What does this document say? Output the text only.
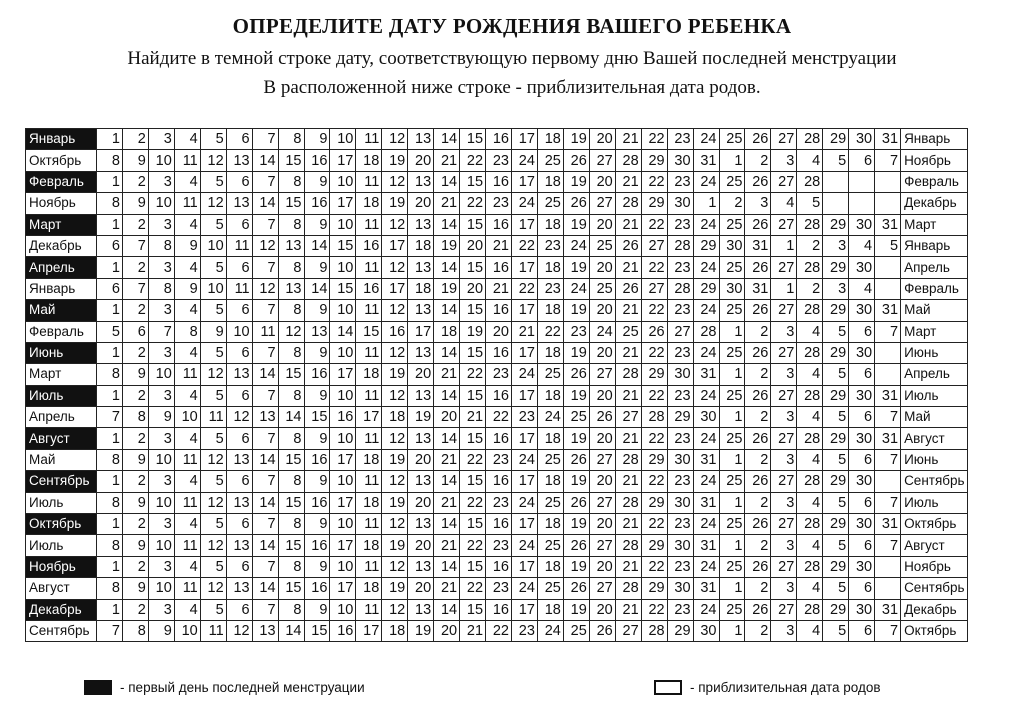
ОПРЕДЕЛИТЕ ДАТУ РОЖДЕНИЯ ВАШЕГО РЕБЕНКА
Найдите в темной строке дату, соответствующую первому дню Вашей последней менструации
В расположенной ниже строке - приблизительная дата родов.
Январь	1	2	3	4	5	6	7	8	9	10	11	12	13	14	15	16	17	18	19	20	21	22	23	24	25	26	27	28	29	30	31	Январь
Октябрь	8	9	10	11	12	13	14	15	16	17	18	19	20	21	22	23	24	25	26	27	28	29	30	31	1	2	3	4	5	6	7	Ноябрь
Февраль	1	2	3	4	5	6	7	8	9	10	11	12	13	14	15	16	17	18	19	20	21	22	23	24	25	26	27	28				Февраль
Ноябрь	8	9	10	11	12	13	14	15	16	17	18	19	20	21	22	23	24	25	26	27	28	29	30	1	2	3	4	5				Декабрь
Март	1	2	3	4	5	6	7	8	9	10	11	12	13	14	15	16	17	18	19	20	21	22	23	24	25	26	27	28	29	30	31	Март
Декабрь	6	7	8	9	10	11	12	13	14	15	16	17	18	19	20	21	22	23	24	25	26	27	28	29	30	31	1	2	3	4	5	Январь
Апрель	1	2	3	4	5	6	7	8	9	10	11	12	13	14	15	16	17	18	19	20	21	22	23	24	25	26	27	28	29	30		Апрель
Январь	6	7	8	9	10	11	12	13	14	15	16	17	18	19	20	21	22	23	24	25	26	27	28	29	30	31	1	2	3	4		Февраль
Май	1	2	3	4	5	6	7	8	9	10	11	12	13	14	15	16	17	18	19	20	21	22	23	24	25	26	27	28	29	30	31	Май
Февраль	5	6	7	8	9	10	11	12	13	14	15	16	17	18	19	20	21	22	23	24	25	26	27	28	1	2	3	4	5	6	7	Март
Июнь	1	2	3	4	5	6	7	8	9	10	11	12	13	14	15	16	17	18	19	20	21	22	23	24	25	26	27	28	29	30		Июнь
Март	8	9	10	11	12	13	14	15	16	17	18	19	20	21	22	23	24	25	26	27	28	29	30	31	1	2	3	4	5	6		Апрель
Июль	1	2	3	4	5	6	7	8	9	10	11	12	13	14	15	16	17	18	19	20	21	22	23	24	25	26	27	28	29	30	31	Июль
Апрель	7	8	9	10	11	12	13	14	15	16	17	18	19	20	21	22	23	24	25	26	27	28	29	30	1	2	3	4	5	6	7	Май
Август	1	2	3	4	5	6	7	8	9	10	11	12	13	14	15	16	17	18	19	20	21	22	23	24	25	26	27	28	29	30	31	Август
Май	8	9	10	11	12	13	14	15	16	17	18	19	20	21	22	23	24	25	26	27	28	29	30	31	1	2	3	4	5	6	7	Июнь
Сентябрь	1	2	3	4	5	6	7	8	9	10	11	12	13	14	15	16	17	18	19	20	21	22	23	24	25	26	27	28	29	30		Сентябрь
Июль	8	9	10	11	12	13	14	15	16	17	18	19	20	21	22	23	24	25	26	27	28	29	30	31	1	2	3	4	5	6	7	Июль
Октябрь	1	2	3	4	5	6	7	8	9	10	11	12	13	14	15	16	17	18	19	20	21	22	23	24	25	26	27	28	29	30	31	Октябрь
Июль	8	9	10	11	12	13	14	15	16	17	18	19	20	21	22	23	24	25	26	27	28	29	30	31	1	2	3	4	5	6	7	Август
Ноябрь	1	2	3	4	5	6	7	8	9	10	11	12	13	14	15	16	17	18	19	20	21	22	23	24	25	26	27	28	29	30		Ноябрь
Август	8	9	10	11	12	13	14	15	16	17	18	19	20	21	22	23	24	25	26	27	28	29	30	31	1	2	3	4	5	6		Сентябрь
Декабрь	1	2	3	4	5	6	7	8	9	10	11	12	13	14	15	16	17	18	19	20	21	22	23	24	25	26	27	28	29	30	31	Декабрь
Сентябрь	7	8	9	10	11	12	13	14	15	16	17	18	19	20	21	22	23	24	25	26	27	28	29	30	1	2	3	4	5	6	7	Октябрь
- первый день последней менструации	- приблизительная дата родов
